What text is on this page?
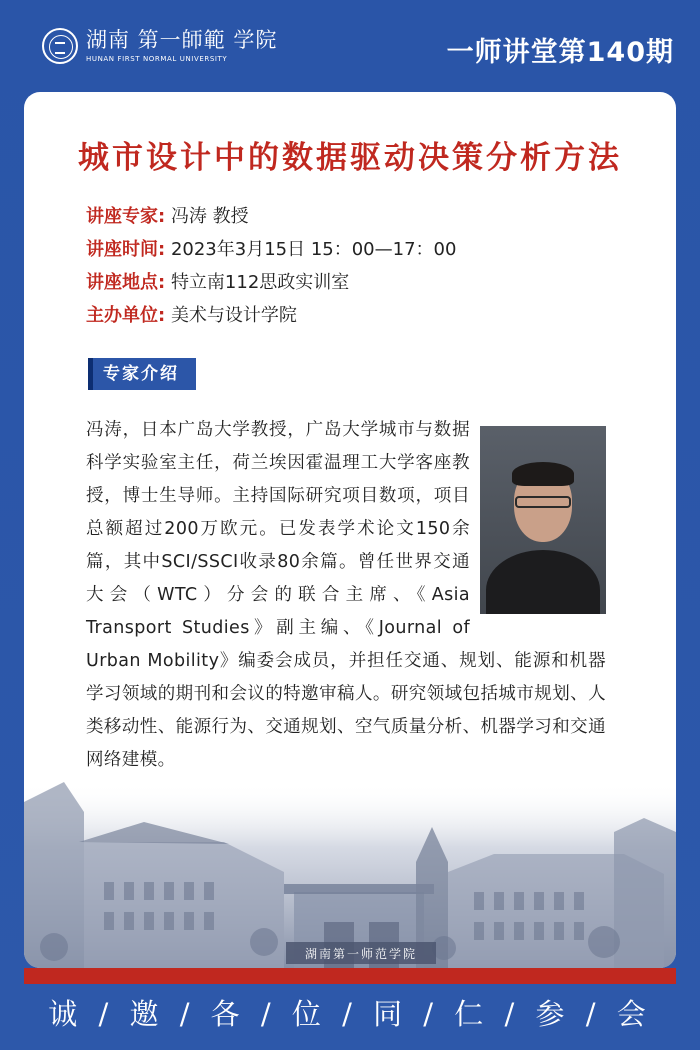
湖南 第一師範 学院
HUNAN FIRST NORMAL UNIVERSITY	一师讲堂第140期
城市设计中的数据驱动决策分析方法
讲座专家: 冯涛 教授
讲座时间: 2023年3月15日 15：00—17：00
讲座地点: 特立南112思政实训室
主办单位: 美术与设计学院
专家介绍
冯涛，日本广岛大学教授，广岛大学城市与数据科学实验室主任，荷兰埃因霍温理工大学客座教授，博士生导师。主持国际研究项目数项，项目总额超过200万欧元。已发表学术论文150余篇，其中SCI/SSCI收录80余篇。曾任世界交通大会（WTC）分会的联合主席、《Asia Transport Studies》副主编、《Journal of Urban Mobility》编委会成员，并担任交通、规划、能源和机器学习领域的期刊和会议的特邀审稿人。研究领域包括城市规划、人类移动性、能源行为、交通规划、空气质量分析、机器学习和交通网络建模。
湖南第一师范学院
诚 / 邀 / 各 / 位 / 同 / 仁 / 参 / 会
